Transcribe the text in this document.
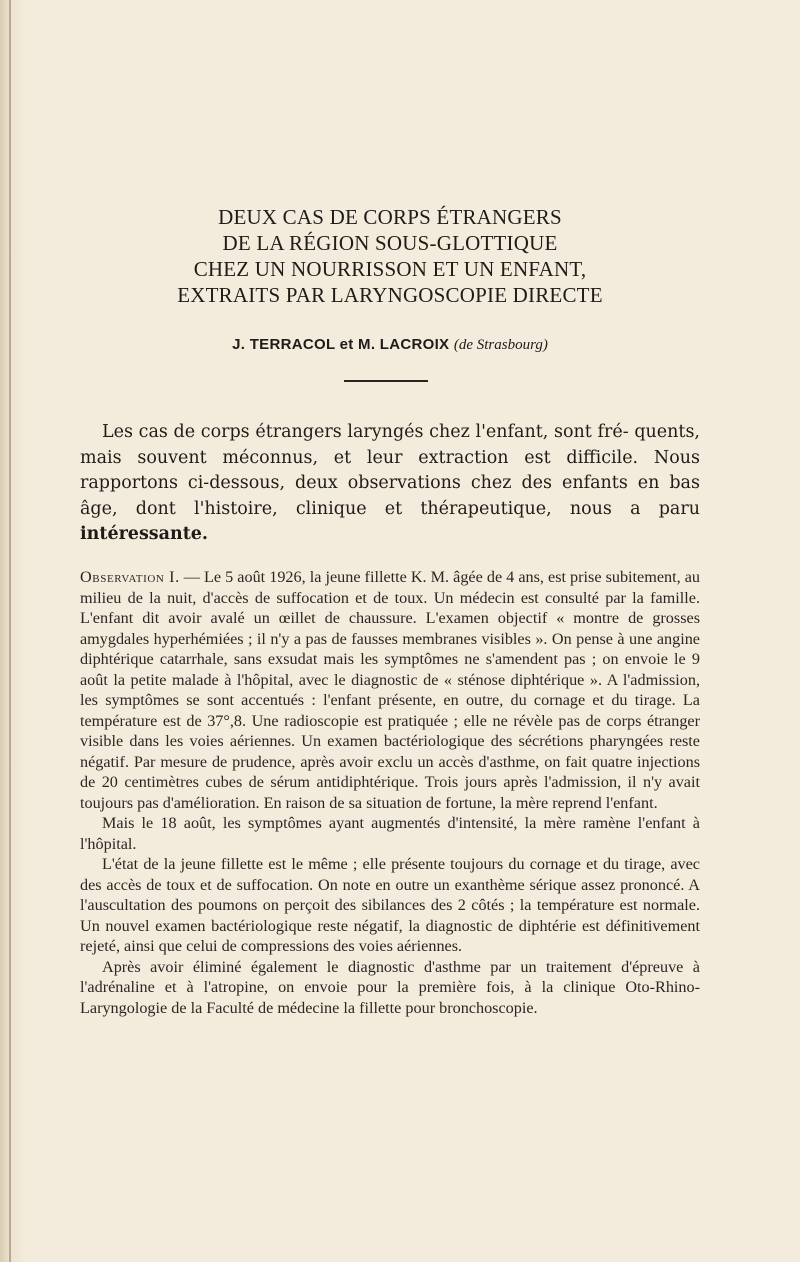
DEUX CAS DE CORPS ÉTRANGERS
DE LA RÉGION SOUS-GLOTTIQUE
CHEZ UN NOURRISSON ET UN ENFANT,
EXTRAITS PAR LARYNGOSCOPIE DIRECTE
J. TERRACOL et M. LACROIX (de Strasbourg)

Les cas de corps étrangers laryngés chez l'enfant, sont fré- quents, mais souvent méconnus, et leur extraction est difficile. Nous rapportons ci-dessous, deux observations chez des enfants en bas âge, dont l'histoire, clinique et thérapeutique, nous a paru intéressante.

Observation I. — Le 5 août 1926, la jeune fillette K. M. âgée de 4 ans, est prise subitement, au milieu de la nuit, d'accès de suffocation et de toux. Un médecin est consulté par la famille. L'enfant dit avoir avalé un œillet de chaussure. L'examen objectif « montre de grosses amygdales hyperhémiées ; il n'y a pas de fausses membranes visibles ». On pense à une angine diphtérique catarrhale, sans exsudat mais les symptômes ne s'amendent pas ; on envoie le 9 août la petite malade à l'hôpital, avec le diagnostic de « sténose diphtérique ». A l'admission, les symptômes se sont accentués : l'enfant présente, en outre, du cornage et du tirage. La température est de 37°,8. Une radioscopie est pratiquée ; elle ne révèle pas de corps étranger visible dans les voies aériennes. Un examen bactériologique des sécrétions pharyngées reste négatif. Par mesure de prudence, après avoir exclu un accès d'asthme, on fait quatre injections de 20 centimètres cubes de sérum antidiphtérique. Trois jours après l'admission, il n'y avait toujours pas d'amélioration. En raison de sa situation de fortune, la mère reprend l'enfant.

Mais le 18 août, les symptômes ayant augmentés d'intensité, la mère ramène l'enfant à l'hôpital.

L'état de la jeune fillette est le même ; elle présente toujours du cornage et du tirage, avec des accès de toux et de suffocation. On note en outre un exanthème sérique assez prononcé. A l'auscultation des poumons on perçoit des sibilances des 2 côtés ; la température est normale. Un nouvel examen bactériologique reste négatif, la diagnostic de diphtérie est définitivement rejeté, ainsi que celui de compressions des voies aériennes.

Après avoir éliminé également le diagnostic d'asthme par un traitement d'épreuve à l'adrénaline et à l'atropine, on envoie pour la première fois, à la clinique Oto-Rhino-Laryngologie de la Faculté de médecine la fillette pour bronchoscopie.
